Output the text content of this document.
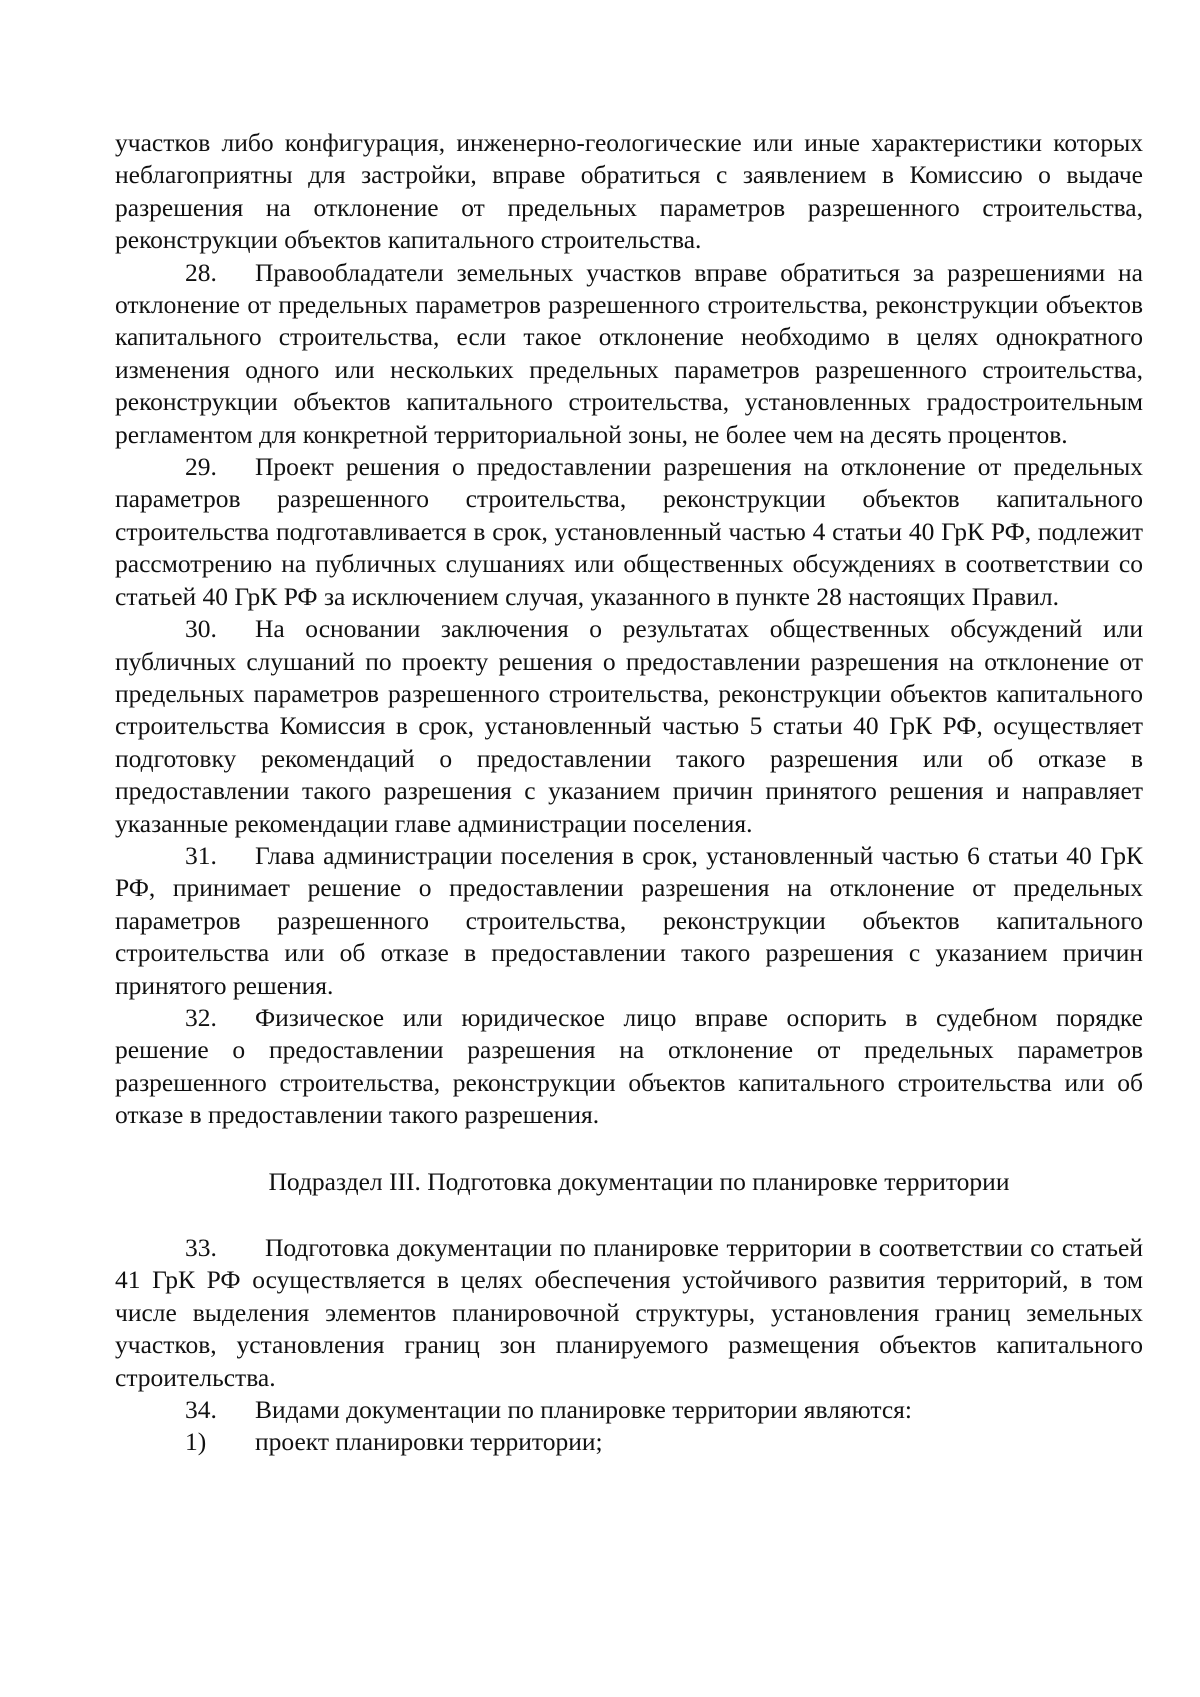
участков либо конфигурация, инженерно-геологические или иные характеристики которых неблагоприятны для застройки, вправе обратиться с заявлением в Комиссию о выдаче разрешения на отклонение от предельных параметров разрешенного строительства, реконструкции объектов капитального строительства.

28. Правообладатели земельных участков вправе обратиться за разрешениями на отклонение от предельных параметров разрешенного строительства, реконструкции объектов капитального строительства, если такое отклонение необходимо в целях однократного изменения одного или нескольких предельных параметров разрешенного строительства, реконструкции объектов капитального строительства, установленных градостроительным регламентом для конкретной территориальной зоны, не более чем на десять процентов.

29. Проект решения о предоставлении разрешения на отклонение от предельных параметров разрешенного строительства, реконструкции объектов капитального строительства подготавливается в срок, установленный частью 4 статьи 40 ГрК РФ, подлежит рассмотрению на публичных слушаниях или общественных обсуждениях в соответствии со статьей 40 ГрК РФ за исключением случая, указанного в пункте 28 настоящих Правил.

30. На основании заключения о результатах общественных обсуждений или публичных слушаний по проекту решения о предоставлении разрешения на отклонение от предельных параметров разрешенного строительства, реконструкции объектов капитального строительства Комиссия в срок, установленный частью 5 статьи 40 ГрК РФ, осуществляет подготовку рекомендаций о предоставлении такого разрешения или об отказе в предоставлении такого разрешения с указанием причин принятого решения и направляет указанные рекомендации главе администрации поселения.

31. Глава администрации поселения в срок, установленный частью 6 статьи 40 ГрК РФ, принимает решение о предоставлении разрешения на отклонение от предельных параметров разрешенного строительства, реконструкции объектов капитального строительства или об отказе в предоставлении такого разрешения с указанием причин принятого решения.

32. Физическое или юридическое лицо вправе оспорить в судебном порядке решение о предоставлении разрешения на отклонение от предельных параметров разрешенного строительства, реконструкции объектов капитального строительства или об отказе в предоставлении такого разрешения.

Подраздел III. Подготовка документации по планировке территории

33. Подготовка документации по планировке территории в соответствии со статьей 41 ГрК РФ осуществляется в целях обеспечения устойчивого развития территорий, в том числе выделения элементов планировочной структуры, установления границ земельных участков, установления границ зон планируемого размещения объектов капитального строительства.

34. Видами документации по планировке территории являются:

1) проект планировки территории;
